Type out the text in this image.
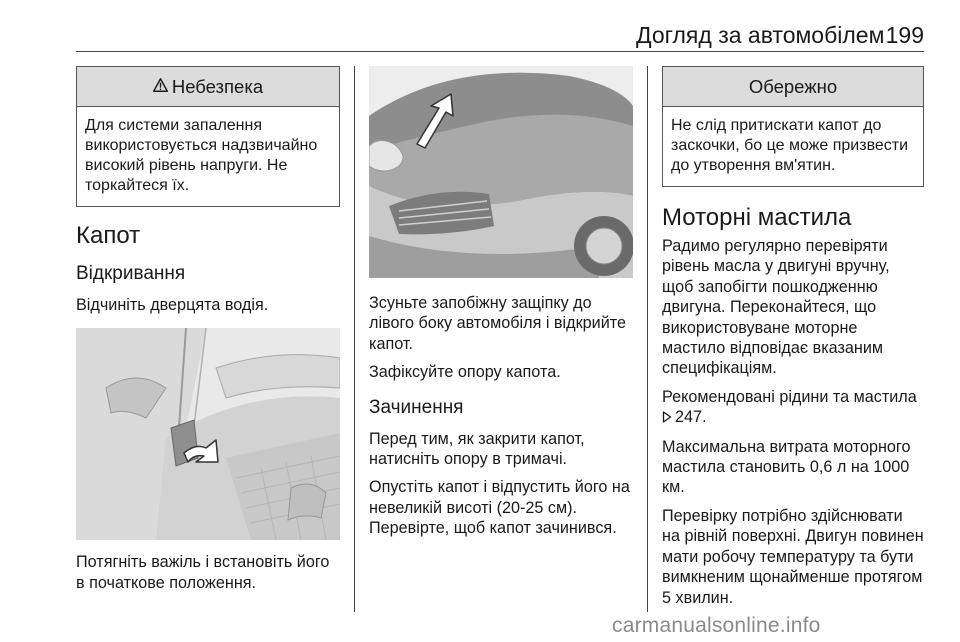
Догляд за автомобілем 199
Небезпека
Для системи запалення використовується надзвичайно високий рівень напруги. Не торкайтеся їх.
Капот
Відкривання

Відчиніть дверцята водія.

Потягніть важіль і встановіть його в початкове положення.

Зсуньте запобіжну защіпку до лівого боку автомобіля і відкрийте капот.

Зафіксуйте опору капота.

Зачинення

Перед тим, як закрити капот, натисніть опору в тримачі.

Опустіть капот і відпустить його на невеликій висоті (20-25 см). Перевірте, щоб капот зачинився.

Обережно
Не слід притискати капот до заскочки, бо це може призвести до утворення вм'ятин.
Моторні мастила

Радимо регулярно перевіряти рівень масла у двигуні вручну, щоб запобігти пошкодженню двигуна. Переконайтеся, що використовуване моторне мастило відповідає вказаним специфікаціям.

Рекомендовані рідини та мастила
247.

Максимальна витрата моторного мастила становить 0,6 л на 1000 км.

Перевірку потрібно здійснювати на рівній поверхні. Двигун повинен мати робочу температуру та бути вимкненим щонайменше протягом 5 хвилин.

carmanualsonline.info
